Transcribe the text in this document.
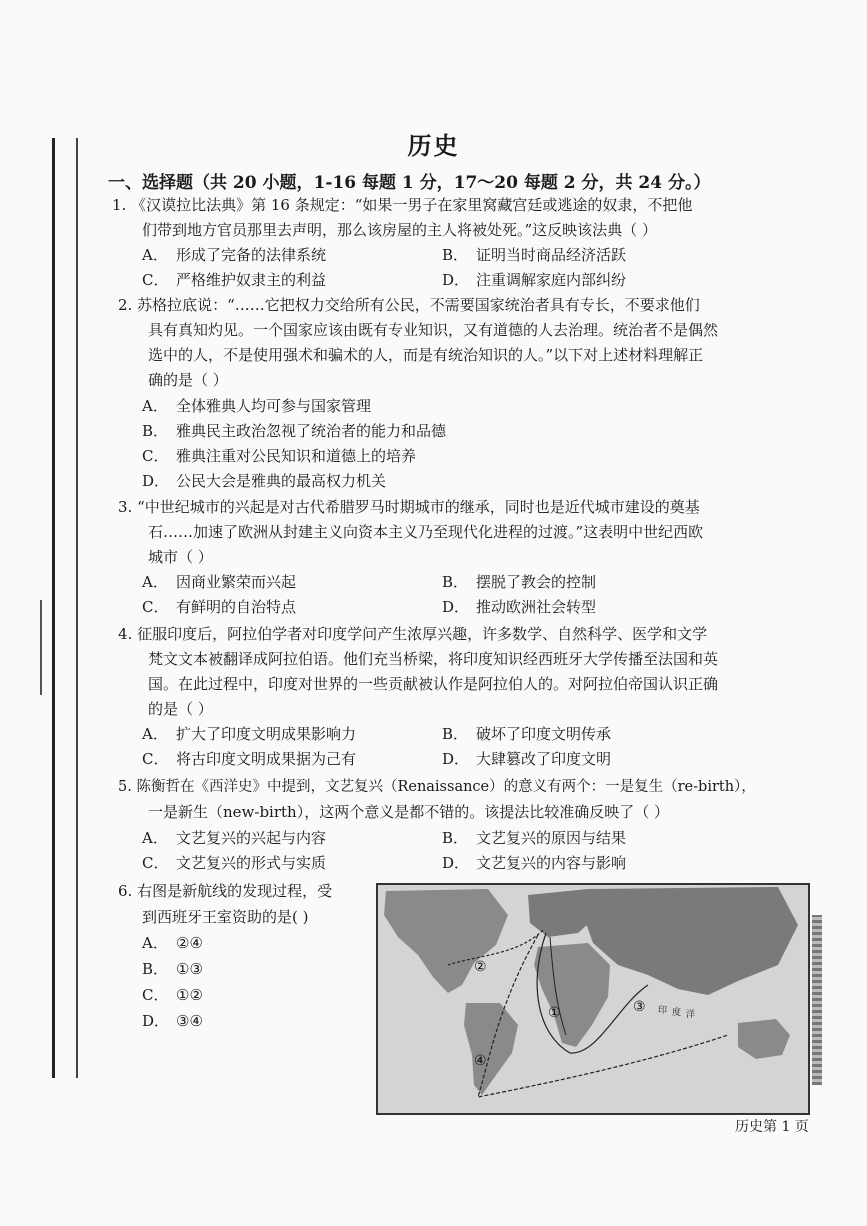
历史
一、选择题（共 20 小题，1-16 每题 1 分，17～20 每题 2 分，共 24 分。）
1. 《汉谟拉比法典》第 16 条规定：“如果一男子在家里窝藏宫廷或逃途的奴隶，不把他
们带到地方官员那里去声明，那么该房屋的主人将被处死。”这反映该法典（ ）
A． 形成了完备的法律系统	B． 证明当时商品经济活跃
C． 严格维护奴隶主的利益	D． 注重调解家庭内部纠纷
2. 苏格拉底说：“……它把权力交给所有公民，不需要国家统治者具有专长，不要求他们
具有真知灼见。一个国家应该由既有专业知识，又有道德的人去治理。统治者不是偶然
选中的人，不是使用强术和骗术的人，而是有统治知识的人。”以下对上述材料理解正
确的是（ ）
A． 全体雅典人均可参与国家管理
B． 雅典民主政治忽视了统治者的能力和品德
C． 雅典注重对公民知识和道德上的培养
D． 公民大会是雅典的最高权力机关
3. “中世纪城市的兴起是对古代希腊罗马时期城市的继承，同时也是近代城市建设的奠基
石……加速了欧洲从封建主义向资本主义乃至现代化进程的过渡。”这表明中世纪西欧
城市（ ）
A． 因商业繁荣而兴起	B． 摆脱了教会的控制
C． 有鲜明的自治特点	D． 推动欧洲社会转型
4. 征服印度后，阿拉伯学者对印度学问产生浓厚兴趣，许多数学、自然科学、医学和文学
梵文文本被翻译成阿拉伯语。他们充当桥梁，将印度知识经西班牙大学传播至法国和英
国。在此过程中，印度对世界的一些贡献被认作是阿拉伯人的。对阿拉伯帝国认识正确
的是（ ）
A． 扩大了印度文明成果影响力	B． 破坏了印度文明传承
C． 将古印度文明成果据为己有	D． 大肆篡改了印度文明
5. 陈衡哲在《西洋史》中提到，文艺复兴（Renaissance）的意义有两个：一是复生（re-birth），
一是新生（new-birth），这两个意义是都不错的。该提法比较准确反映了（ ）
A． 文艺复兴的兴起与内容	B． 文艺复兴的原因与结果
C． 文艺复兴的形式与实质	D． 文艺复兴的内容与影响
6. 右图是新航线的发现过程，受
到西班牙王室资助的是( )
A． ②④
B． ①③
C． ①②
D． ③④
②
①	③
④
印 度 洋
历史第 1 页
